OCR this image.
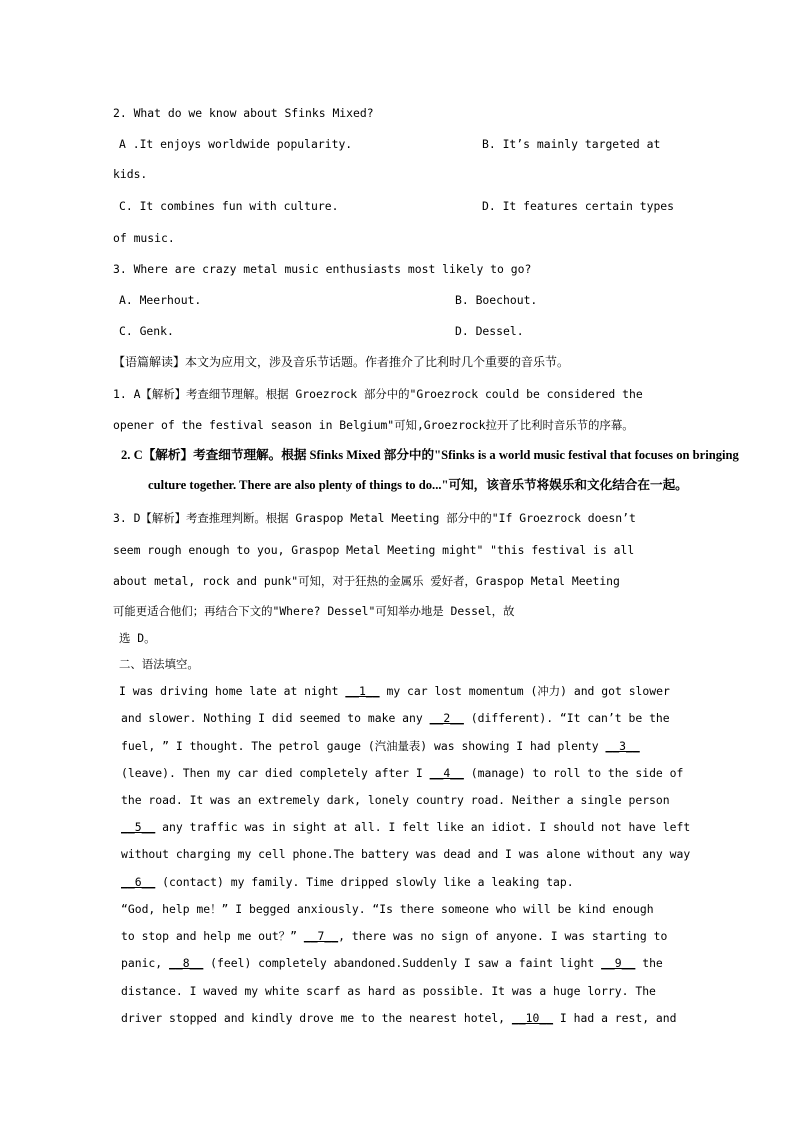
2. What do we know about Sfinks Mixed?
A .It enjoys worldwide popularity.	B. It’s mainly targeted at
kids.
C. It combines fun with culture.	D. It features certain types
of music.
3. Where are crazy metal music enthusiasts most likely to go?
A. Meerhout.	B. Boechout.
C. Genk.	D. Dessel.
【语篇解读】本文为应用文，涉及音乐节话题。作者推介了比利时几个重要的音乐节。
1. A【解析】考查细节理解。根据 Groezrock 部分中的"Groezrock could be considered the
opener of the festival season in Belgium"可知,Groezrock拉开了比利时音乐节的序幕。
2. C【解析】考查细节理解。根据 Sfinks Mixed 部分中的"Sfinks is a world music festival that focuses on bringing
culture together. There are also plenty of things to do..."可知，该音乐节将娱乐和文化结合在一起。
3. D【解析】考查推理判断。根据 Graspop Metal Meeting 部分中的"If Groezrock doesn’t
seem rough enough to you, Graspop Metal Meeting might" "this festival is all
about metal, rock and punk"可知，对于狂热的金属乐 爱好者，Graspop Metal Meeting
可能更适合他们；再结合下文的"Where? Dessel"可知举办地是 Dessel，故
选 D。
二、语法填空。
I was driving home late at night __1__ my car lost momentum (冲力) and got slower
and slower. Nothing I did seemed to make any __2__ (different). “It can’t be the
fuel, ” I thought. The petrol gauge (汽油量表) was showing I had plenty __3__
(leave). Then my car died completely after I __4__ (manage) to roll to the side of
the road. It was an extremely dark, lonely country road. Neither a single person
__5__ any traffic was in sight at all. I felt like an idiot. I should not have left
without charging my cell phone.The battery was dead and I was alone without any way
__6__ (contact) my family. Time dripped slowly like a leaking tap.
“God, help me！” I begged anxiously. “Is there someone who will be kind enough
to stop and help me out？” __7__, there was no sign of anyone. I was starting to
panic, __8__ (feel) completely abandoned.Suddenly I saw a faint light __9__ the
distance. I waved my white scarf as hard as possible. It was a huge lorry. The
driver stopped and kindly drove me to the nearest hotel, __10__ I had a rest, and
